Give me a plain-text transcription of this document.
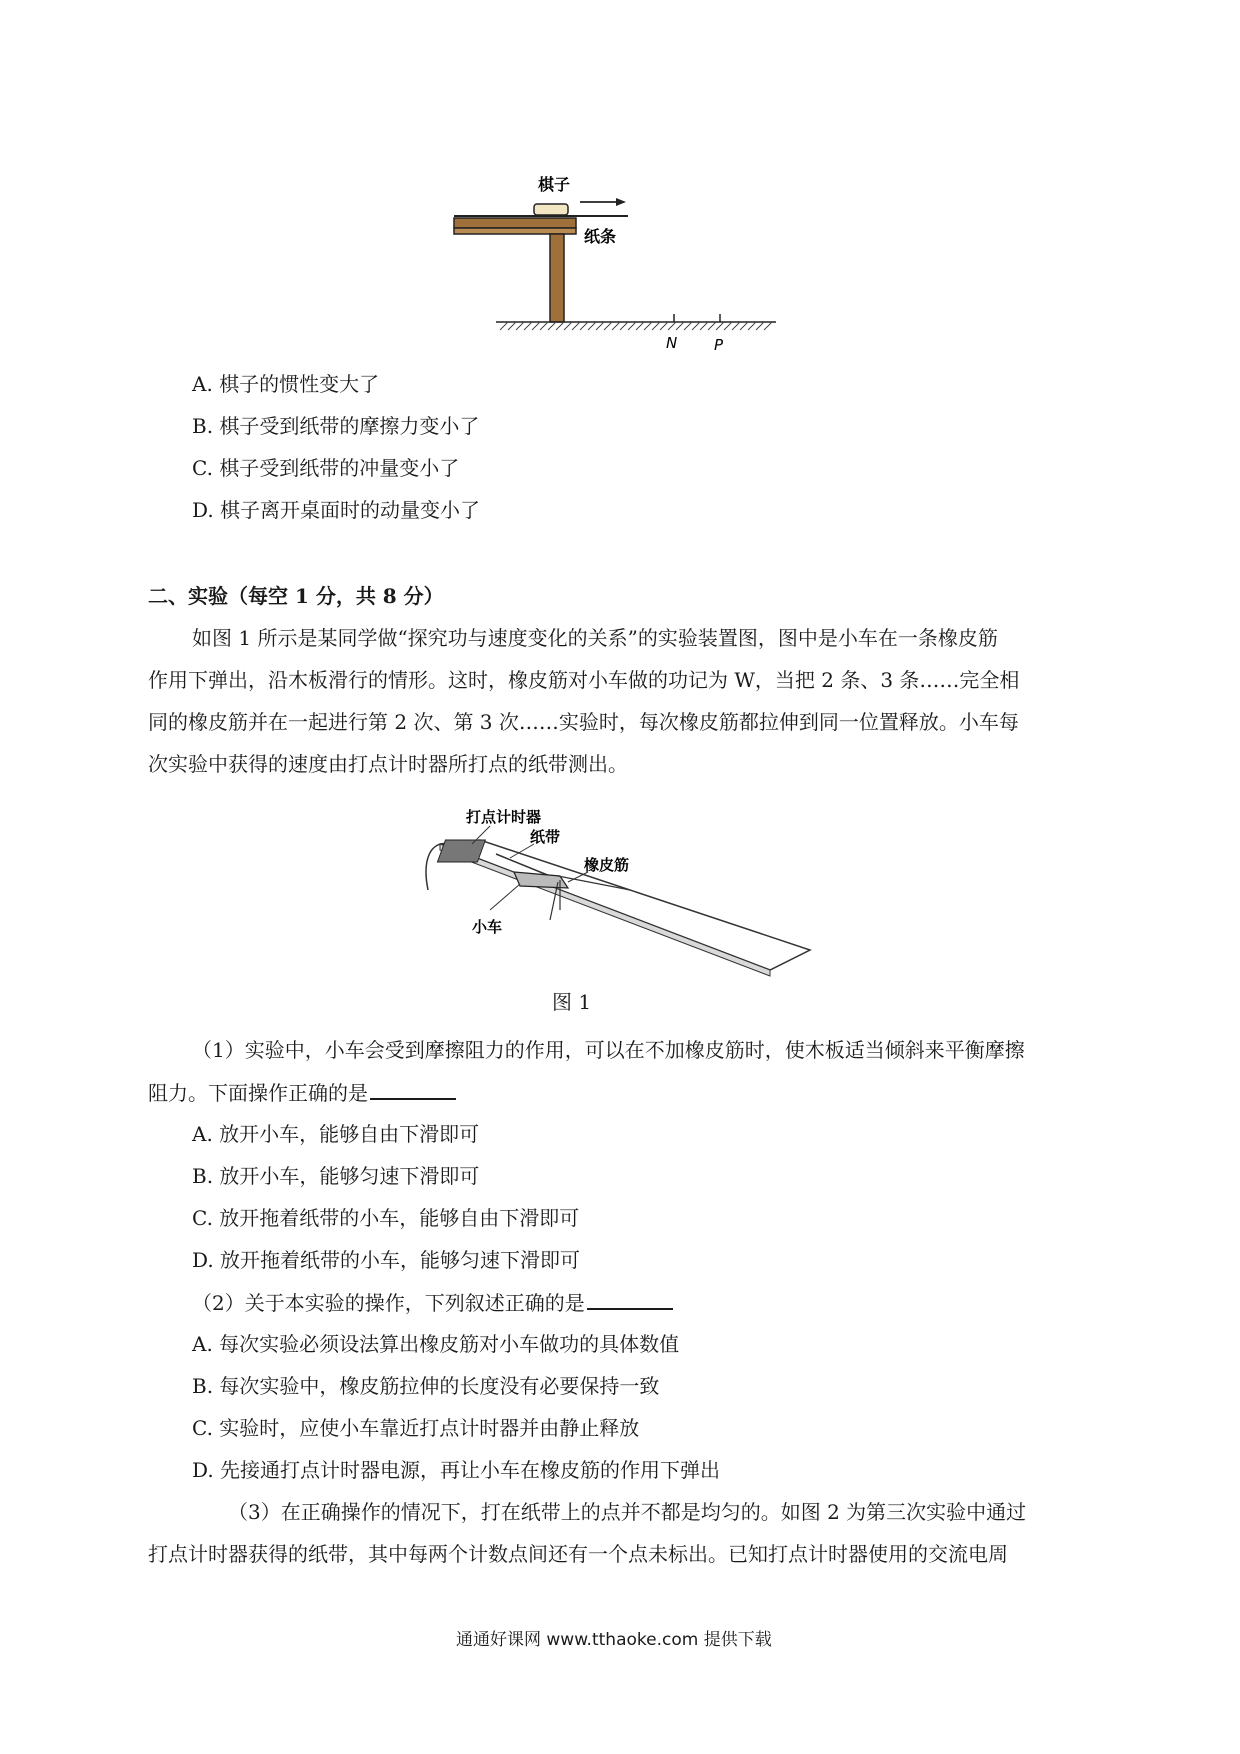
棋子
纸条
N P
A. 棋子的惯性变大了
B. 棋子受到纸带的摩擦力变小了
C. 棋子受到纸带的冲量变小了
D. 棋子离开桌面时的动量变小了
二、实验（每空 1 分，共 8 分）
如图 1 所示是某同学做“探究功与速度变化的关系”的实验装置图，图中是小车在一条橡皮筋
作用下弹出，沿木板滑行的情形。这时，橡皮筋对小车做的功记为 W，当把 2 条、3 条……完全相
同的橡皮筋并在一起进行第 2 次、第 3 次……实验时，每次橡皮筋都拉伸到同一位置释放。小车每
次实验中获得的速度由打点计时器所打点的纸带测出。
打点计时器
纸带
橡皮筋
小车
图 1
（1）实验中，小车会受到摩擦阻力的作用，可以在不加橡皮筋时，使木板适当倾斜来平衡摩擦
阻力。下面操作正确的是
A. 放开小车，能够自由下滑即可
B. 放开小车，能够匀速下滑即可
C. 放开拖着纸带的小车，能够自由下滑即可
D. 放开拖着纸带的小车，能够匀速下滑即可
（2）关于本实验的操作，下列叙述正确的是
A. 每次实验必须设法算出橡皮筋对小车做功的具体数值
B. 每次实验中，橡皮筋拉伸的长度没有必要保持一致
C. 实验时，应使小车靠近打点计时器并由静止释放
D. 先接通打点计时器电源，再让小车在橡皮筋的作用下弹出
（3）在正确操作的情况下，打在纸带上的点并不都是均匀的。如图 2 为第三次实验中通过
打点计时器获得的纸带，其中每两个计数点间还有一个点未标出。已知打点计时器使用的交流电周
通通好课网 www.tthaoke.com 提供下载
